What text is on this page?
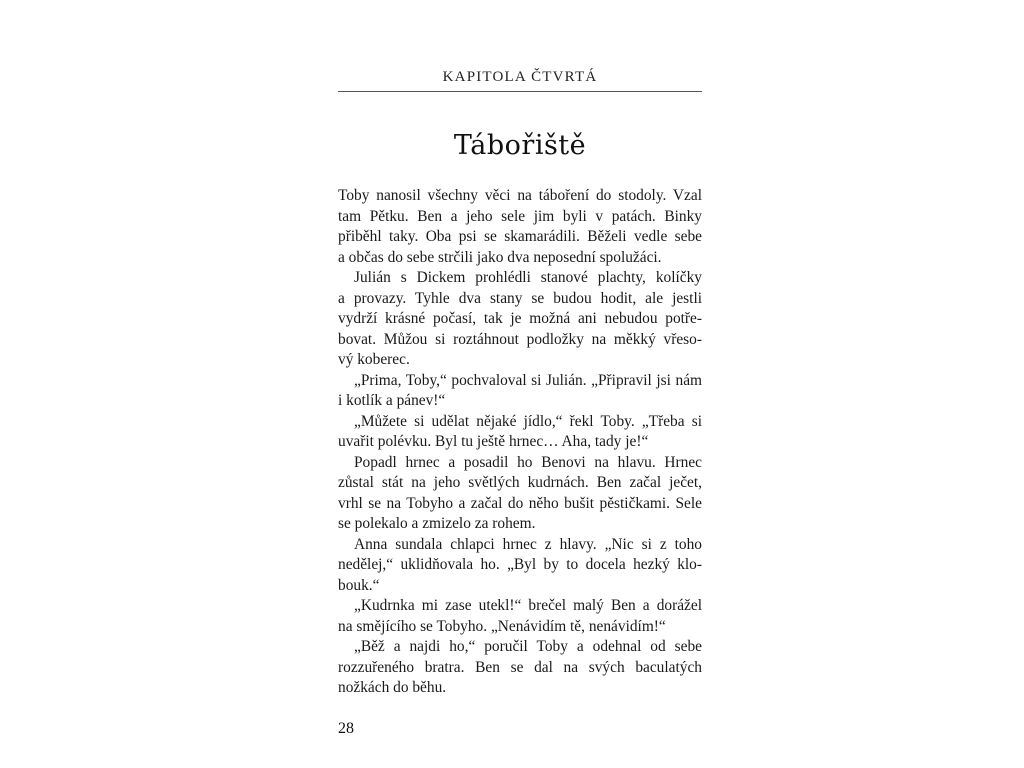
KAPITOLA ČTVRTÁ
Tábořiště
Toby nanosil všechny věci na táboření do stodoly. Vzal
tam Pětku. Ben a jeho sele jim byli v patách. Binky
přiběhl taky. Oba psi se skamarádili. Běželi vedle sebe
a občas do sebe strčili jako dva neposední spolužáci.
Julián s Dickem prohlédli stanové plachty, kolíčky
a provazy. Tyhle dva stany se budou hodit, ale jestli
vydrží krásné počasí, tak je možná ani nebudou potře-
bovat. Můžou si roztáhnout podložky na měkký vřeso-
vý koberec.
„Prima, Toby,“ pochvaloval si Julián. „Připravil jsi nám
i kotlík a pánev!“
„Můžete si udělat nějaké jídlo,“ řekl Toby. „Třeba si
uvařit polévku. Byl tu ještě hrnec… Aha, tady je!“
Popadl hrnec a posadil ho Benovi na hlavu. Hrnec
zůstal stát na jeho světlých kudrnách. Ben začal ječet,
vrhl se na Tobyho a začal do něho bušit pěstičkami. Sele
se polekalo a zmizelo za rohem.
Anna sundala chlapci hrnec z hlavy. „Nic si z toho
nedělej,“ uklidňovala ho. „Byl by to docela hezký klo-
bouk.“
„Kudrnka mi zase utekl!“ brečel malý Ben a dorážel
na smějícího se Tobyho. „Nenávidím tě, nenávidím!“
„Běž a najdi ho,“ poručil Toby a odehnal od sebe
rozzuřeného bratra. Ben se dal na svých baculatých
nožkách do běhu.
28
